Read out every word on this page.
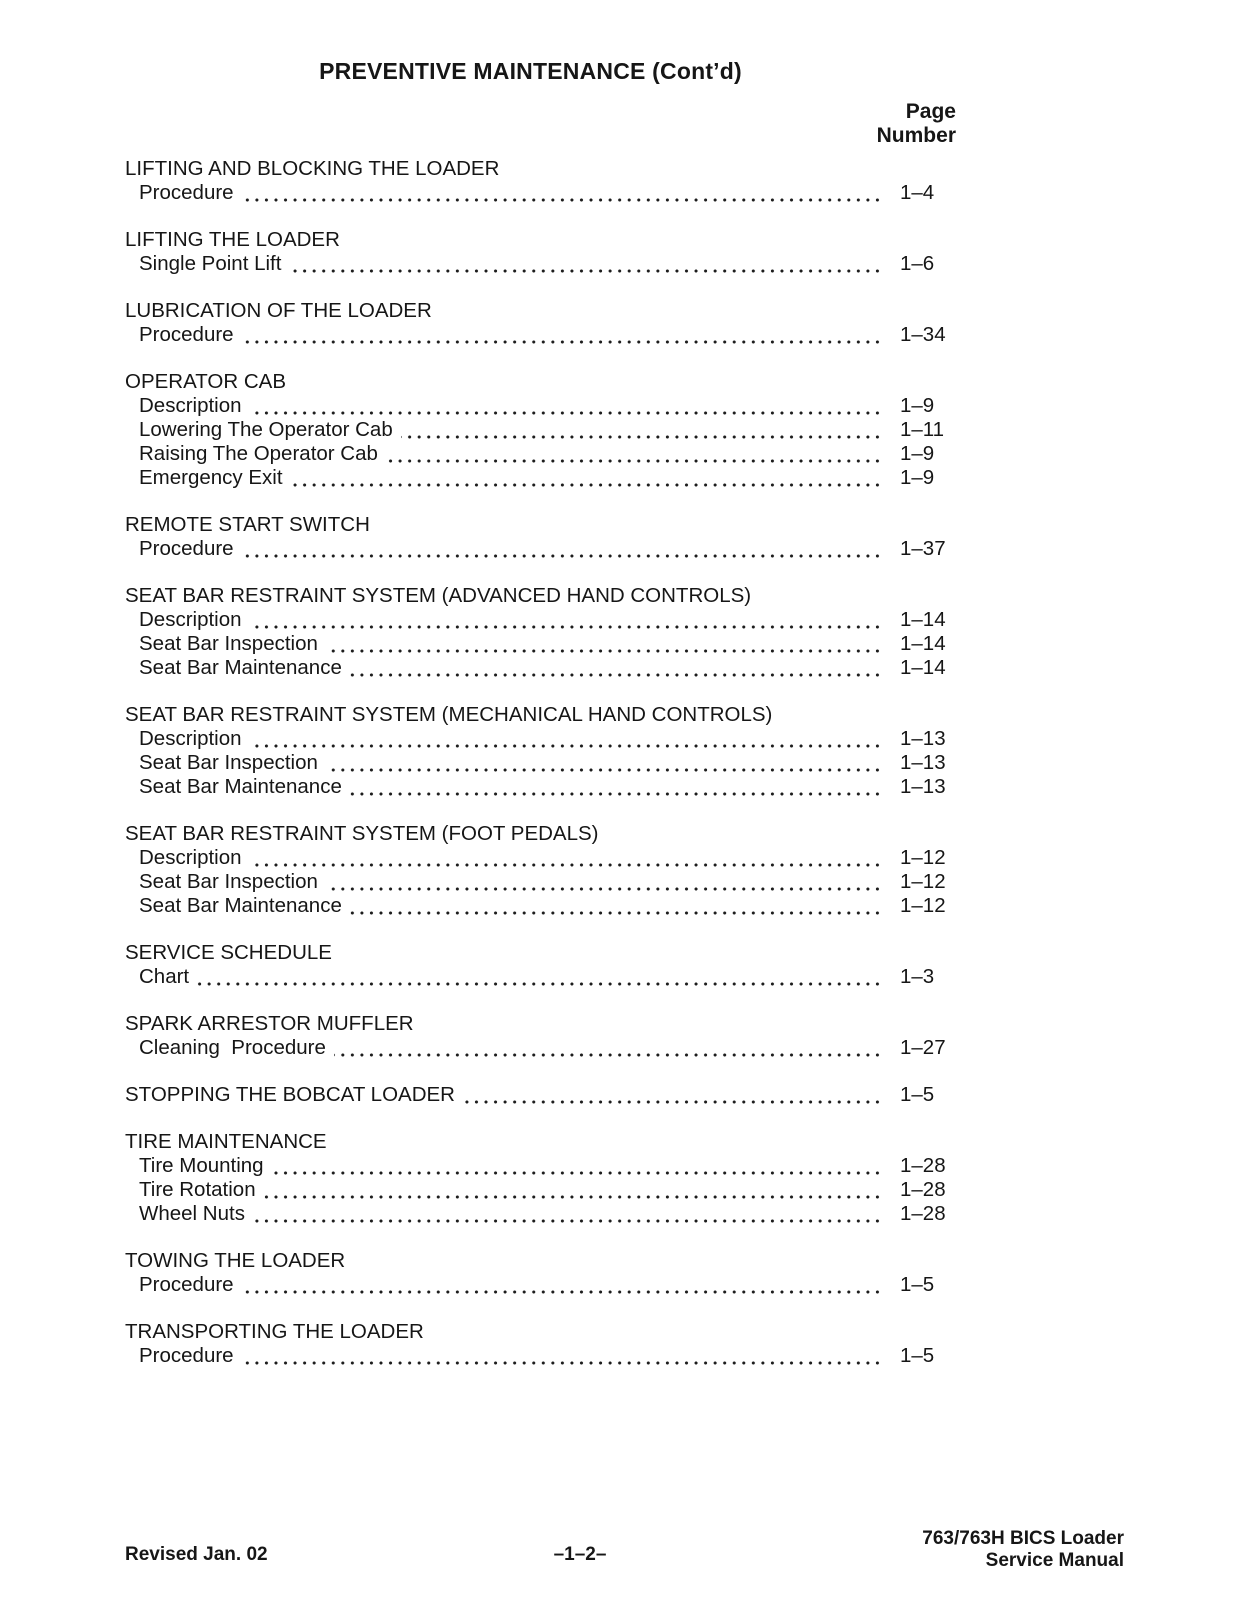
PREVENTIVE MAINTENANCE (Cont’d)
Page
Number
LIFTING AND BLOCKING THE LOADER
Procedure	1–4
LIFTING THE LOADER
Single Point Lift	1–6
LUBRICATION OF THE LOADER
Procedure	1–34
OPERATOR CAB
Description	1–9
Lowering The Operator Cab	1–11
Raising The Operator Cab	1–9
Emergency Exit	1–9
REMOTE START SWITCH
Procedure	1–37
SEAT BAR RESTRAINT SYSTEM (ADVANCED HAND CONTROLS)
Description	1–14
Seat Bar Inspection	1–14
Seat Bar Maintenance	1–14
SEAT BAR RESTRAINT SYSTEM (MECHANICAL HAND CONTROLS)
Description	1–13
Seat Bar Inspection	1–13
Seat Bar Maintenance	1–13
SEAT BAR RESTRAINT SYSTEM (FOOT PEDALS)
Description	1–12
Seat Bar Inspection	1–12
Seat Bar Maintenance	1–12
SERVICE SCHEDULE
Chart	1–3
SPARK ARRESTOR MUFFLER
Cleaning  Procedure	1–27
STOPPING THE BOBCAT LOADER	1–5
TIRE MAINTENANCE
Tire Mounting	1–28
Tire Rotation	1–28
Wheel Nuts	1–28
TOWING THE LOADER
Procedure	1–5
TRANSPORTING THE LOADER
Procedure	1–5
Revised Jan. 02	–1–2–
763/763H BICS Loader
Service Manual
